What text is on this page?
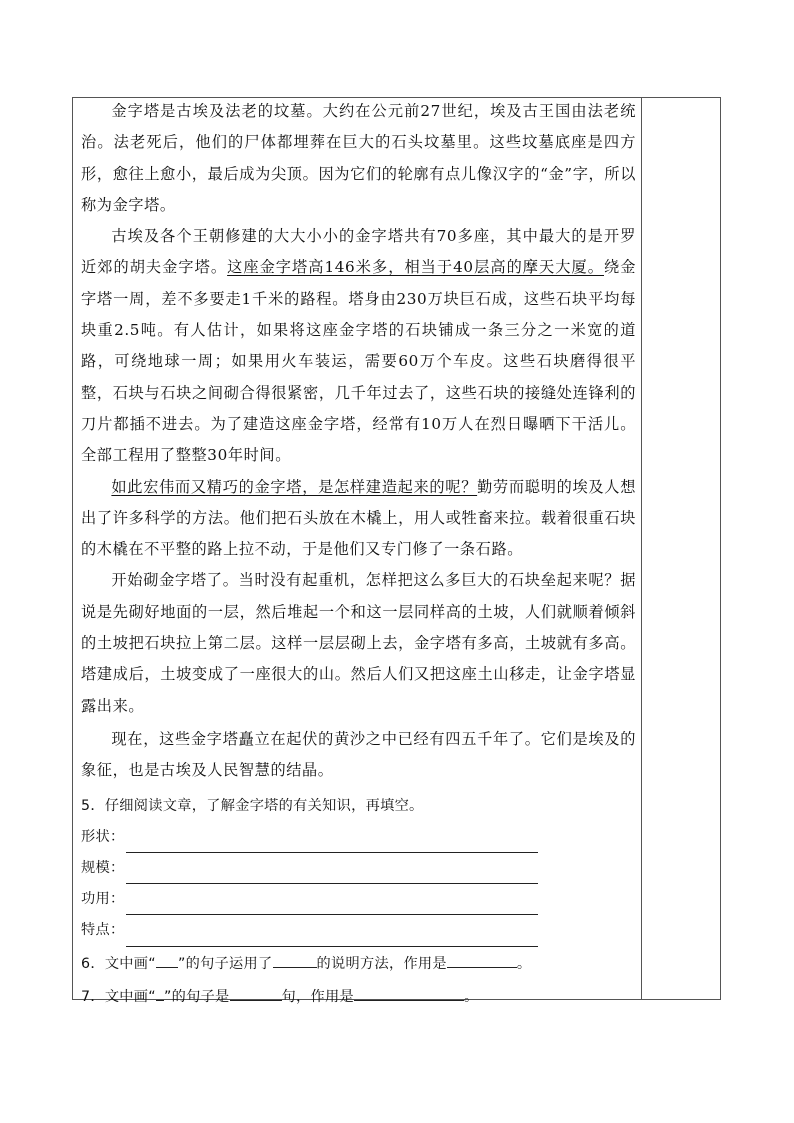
金字塔是古埃及法老的坟墓。大约在公元前27世纪，埃及古王国由法老统治。法老死后，他们的尸体都埋葬在巨大的石头坟墓里。这些坟墓底座是四方形，愈往上愈小，最后成为尖顶。因为它们的轮廓有点儿像汉字的“金”字，所以称为金字塔。

古埃及各个王朝修建的大大小小的金字塔共有70多座，其中最大的是开罗近郊的胡夫金字塔。这座金字塔高146米多，相当于40层高的摩天大厦。绕金字塔一周，差不多要走1千米的路程。塔身由230万块巨石成，这些石块平均每块重2.5吨。有人估计，如果将这座金字塔的石块铺成一条三分之一米宽的道路，可绕地球一周；如果用火车装运，需要60万个车皮。这些石块磨得很平整，石块与石块之间砌合得很紧密，几千年过去了，这些石块的接缝处连锋利的刀片都插不进去。为了建造这座金字塔，经常有10万人在烈日曝晒下干活儿。全部工程用了整整30年时间。

如此宏伟而又精巧的金字塔，是怎样建造起来的呢？勤劳而聪明的埃及人想出了许多科学的方法。他们把石头放在木橇上，用人或牲畜来拉。载着很重石块的木橇在不平整的路上拉不动，于是他们又专门修了一条石路。

开始砌金字塔了。当时没有起重机，怎样把这么多巨大的石块垒起来呢？据说是先砌好地面的一层，然后堆起一个和这一层同样高的土坡，人们就顺着倾斜的土坡把石块拉上第二层。这样一层层砌上去，金字塔有多高，土坡就有多高。塔建成后，土坡变成了一座很大的山。然后人们又把这座土山移走，让金字塔显露出来。

现在，这些金字塔矗立在起伏的黄沙之中已经有四五千年了。它们是埃及的象征，也是古埃及人民智慧的结晶。

5．仔细阅读文章，了解金字塔的有关知识，再填空。

形状：

规模：

功用：

特点：

6．文中画“ ”的句子运用了	的说明方法，作用是	。

7．文中画“ ”的句子是	句，作用是	。
